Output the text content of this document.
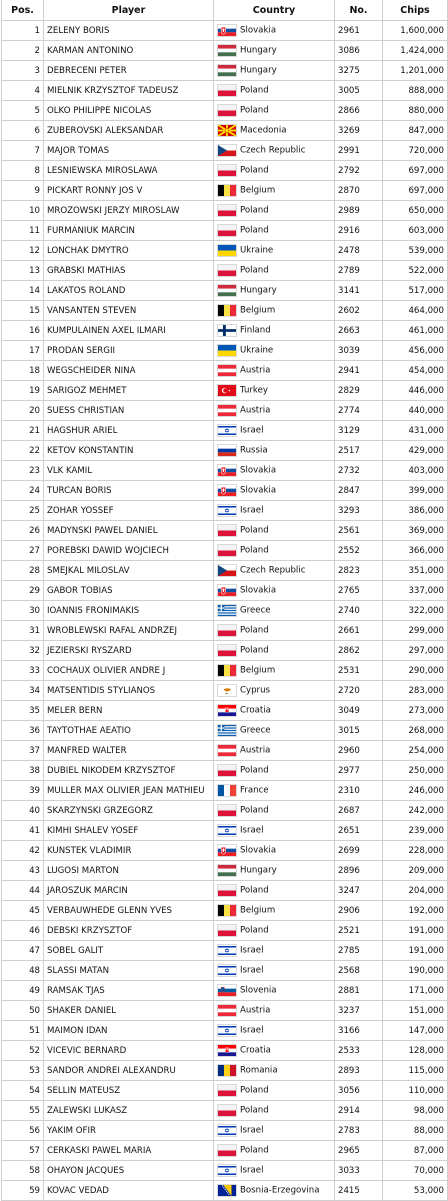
Pos.	Player	Country	No.	Chips
1	ZELENY BORIS	Slovakia	2961	1,600,000
2	KARMAN ANTONINO	Hungary	3086	1,424,000
3	DEBRECENI PETER	Hungary	3275	1,201,000
4	MIELNIK KRZYSZTOF TADEUSZ	Poland	3005	888,000
5	OLKO PHILIPPE NICOLAS	Poland	2866	880,000
6	ZUBEROVSKI ALEKSANDAR	Macedonia	3269	847,000
7	MAJOR TOMAS	Czech Republic	2991	720,000
8	LESNIEWSKA MIROSLAWA	Poland	2792	697,000
9	PICKART RONNY JOS V	Belgium	2870	697,000
10	MROZOWSKI JERZY MIROSLAW	Poland	2989	650,000
11	FURMANIUK MARCIN	Poland	2916	603,000
12	LONCHAK DMYTRO	Ukraine	2478	539,000
13	GRABSKI MATHIAS	Poland	2789	522,000
14	LAKATOS ROLAND	Hungary	3141	517,000
15	VANSANTEN STEVEN	Belgium	2602	464,000
16	KUMPULAINEN AXEL ILMARI	Finland	2663	461,000
17	PRODAN SERGII	Ukraine	3039	456,000
18	WEGSCHEIDER NINA	Austria	2941	454,000
19	SARIGOZ MEHMET	Turkey	2829	446,000
20	SUESS CHRISTIAN	Austria	2774	440,000
21	HAGSHUR ARIEL	Israel	3129	431,000
22	KETOV KONSTANTIN	Russia	2517	429,000
23	VLK KAMIL	Slovakia	2732	403,000
24	TURCAN BORIS	Slovakia	2847	399,000
25	ZOHAR YOSSEF	Israel	3293	386,000
26	MADYNSKI PAWEL DANIEL	Poland	2561	369,000
27	POREBSKI DAWID WOJCIECH	Poland	2552	366,000
28	SMEJKAL MILOSLAV	Czech Republic	2823	351,000
29	GABOR TOBIAS	Slovakia	2765	337,000
30	IOANNIS FRONIMAKIS	Greece	2740	322,000
31	WROBLEWSKI RAFAL ANDRZEJ	Poland	2661	299,000
32	JEZIERSKI RYSZARD	Poland	2862	297,000
33	COCHAUX OLIVIER ANDRE J	Belgium	2531	290,000
34	MATSENTIDIS STYLIANOS	Cyprus	2720	283,000
35	MELER BERN	Croatia	3049	273,000
36	TAYTOTHAE AEATIO	Greece	3015	268,000
37	MANFRED WALTER	Austria	2960	254,000
38	DUBIEL NIKODEM KRZYSZTOF	Poland	2977	250,000
39	MULLER MAX OLIVIER JEAN MATHIEU	France	2310	246,000
40	SKARZYNSKI GRZEGORZ	Poland	2687	242,000
41	KIMHI SHALEV YOSEF	Israel	2651	239,000
42	KUNSTEK VLADIMIR	Slovakia	2699	228,000
43	LUGOSI MARTON	Hungary	2896	209,000
44	JAROSZUK MARCIN	Poland	3247	204,000
45	VERBAUWHEDE GLENN YVES	Belgium	2906	192,000
46	DEBSKI KRZYSZTOF	Poland	2521	191,000
47	SOBEL GALIT	Israel	2785	191,000
48	SLASSI MATAN	Israel	2568	190,000
49	RAMSAK TJAS	Slovenia	2881	171,000
50	SHAKER DANIEL	Austria	3237	151,000
51	MAIMON IDAN	Israel	3166	147,000
52	VICEVIC BERNARD	Croatia	2533	128,000
53	SANDOR ANDREI ALEXANDRU	Romania	2893	115,000
54	SELLIN MATEUSZ	Poland	3056	110,000
55	ZALEWSKI LUKASZ	Poland	2914	98,000
56	YAKIM OFIR	Israel	2783	88,000
57	CERKASKI PAWEL MARIA	Poland	2965	87,000
58	OHAYON JACQUES	Israel	3033	70,000
59	KOVAC VEDAD	Bosnia-Erzegovina	2415	53,000
